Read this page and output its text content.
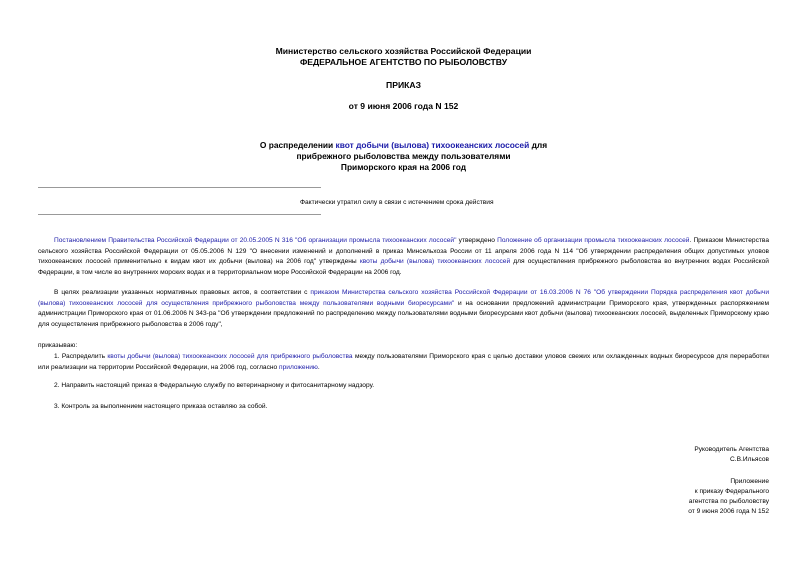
Министерство сельского хозяйства Российской Федерации
ФЕДЕРАЛЬНОЕ АГЕНТСТВО ПО РЫБОЛОВСТВУ
ПРИКАЗ
от 9 июня 2006 года N 152
О распределении квот добычи (вылова) тихоокеанских лососей для
прибрежного рыболовства между пользователями
Приморского края на 2006 год
Фактически утратил силу в связи с истечением срока действия
Постановлением Правительства Российской Федерации от 20.05.2005 N 316 "Об организации промысла тихоокеанских лососей" утверждено Положение об организации промысла тихоокеанских лососей. Приказом Министерства сельского хозяйства Российской Федерации от 05.05.2006 N 129 "О внесении изменений и дополнений в приказ Минсельхоза России от 11 апреля 2006 года N 114 "Об утверждении распределения общих допустимых уловов тихоокеанских лососей применительно к видам квот их добычи (вылова) на 2006 год" утверждены квоты добычи (вылова) тихоокеанских лососей для осуществления прибрежного рыболовства во внутренних водах Российской Федерации, в том числе во внутренних морских водах и в территориальном море Российской Федерации на 2006 год.
В целях реализации указанных нормативных правовых актов, в соответствии с приказом Министерства сельского хозяйства Российской Федерации от 16.03.2006 N 76 "Об утверждении Порядка распределения квот добычи (вылова) тихоокеанских лососей для осуществления прибрежного рыболовства между пользователями водными биоресурсами" и на основании предложений администрации Приморского края, утвержденных распоряжением администрации Приморского края от 01.06.2006 N 343-ра "Об утверждении предложений по распределению между пользователями водными биоресурсами квот добычи (вылова) тихоокеанских лососей, выделенных Приморскому краю для осуществления прибрежного рыболовства в 2006 году",
приказываю:
1. Распределить квоты добычи (вылова) тихоокеанских лососей для прибрежного рыболовства между пользователями Приморского края с целью доставки уловов свежих или охлажденных водных биоресурсов для переработки или реализации на территории Российской Федерации, на 2006 год, согласно приложению.
2. Направить настоящий приказ в Федеральную службу по ветеринарному и фитосанитарному надзору.
3. Контроль за выполнением настоящего приказа оставляю за собой.
Руководитель Агентства
С.В.Ильясов
Приложение
к приказу Федерального
агентства по рыболовству
от 9 июня 2006 года N 152
